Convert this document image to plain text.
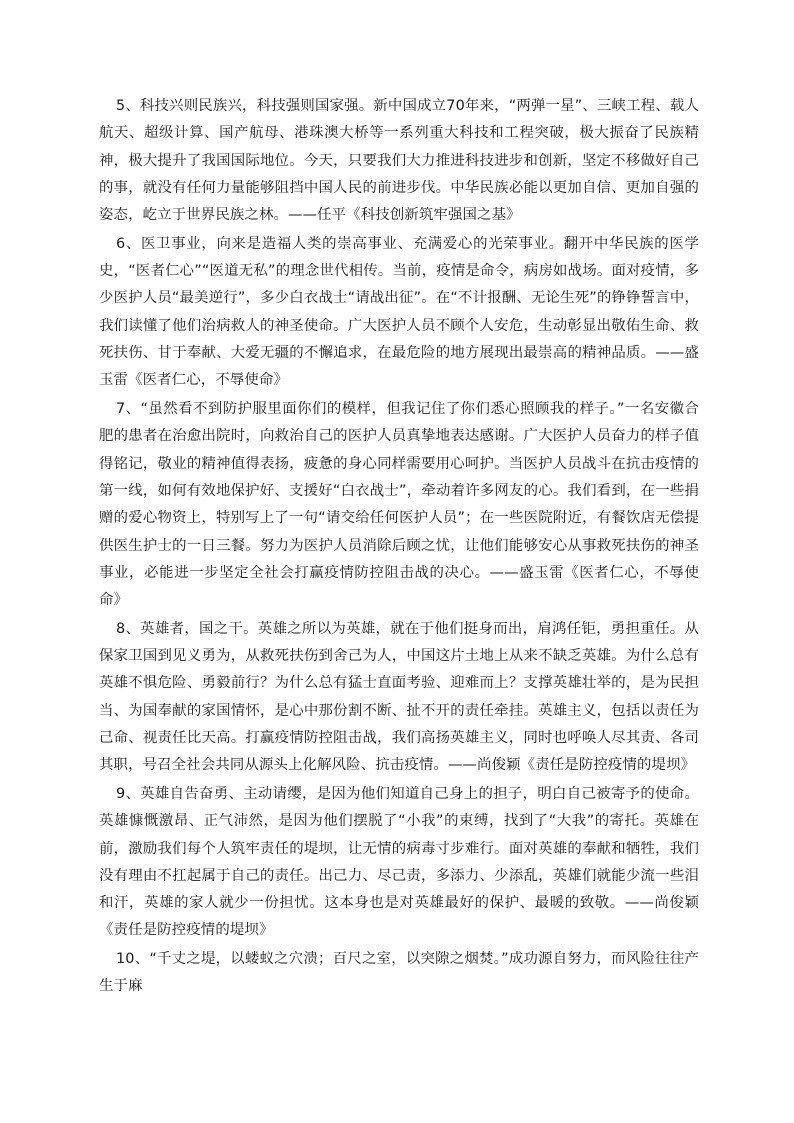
5、科技兴则民族兴，科技强则国家强。新中国成立70年来，“两弹一星”、三峡工程、载人航天、超级计算、国产航母、港珠澳大桥等一系列重大科技和工程突破，极大振奋了民族精神，极大提升了我国国际地位。今天，只要我们大力推进科技进步和创新，坚定不移做好自己的事，就没有任何力量能够阻挡中国人民的前进步伐。中华民族必能以更加自信、更加自强的姿态，屹立于世界民族之林。——任平《科技创新筑牢强国之基》

6、医卫事业，向来是造福人类的崇高事业、充满爱心的光荣事业。翻开中华民族的医学史，“医者仁心”“医道无私”的理念世代相传。当前，疫情是命令，病房如战场。面对疫情，多少医护人员“最美逆行”，多少白衣战士“请战出征”。在“不计报酬、无论生死”的铮铮誓言中，我们读懂了他们治病救人的神圣使命。广大医护人员不顾个人安危，生动彰显出敬佑生命、救死扶伤、甘于奉献、大爱无疆的不懈追求，在最危险的地方展现出最崇高的精神品质。——盛玉雷《医者仁心，不辱使命》

7、“虽然看不到防护服里面你们的模样，但我记住了你们悉心照顾我的样子。”一名安徽合肥的患者在治愈出院时，向救治自己的医护人员真挚地表达感谢。广大医护人员奋力的样子值得铭记，敬业的精神值得表扬，疲惫的身心同样需要用心呵护。当医护人员战斗在抗击疫情的第一线，如何有效地保护好、支援好“白衣战士”，牵动着许多网友的心。我们看到，在一些捐赠的爱心物资上，特别写上了一句“请交给任何医护人员”；在一些医院附近，有餐饮店无偿提供医生护士的一日三餐。努力为医护人员消除后顾之忧，让他们能够安心从事救死扶伤的神圣事业，必能进一步坚定全社会打赢疫情防控阻击战的决心。——盛玉雷《医者仁心，不辱使命》

8、英雄者，国之干。英雄之所以为英雄，就在于他们挺身而出，肩鸿任钜，勇担重任。从保家卫国到见义勇为，从救死扶伤到舍己为人，中国这片土地上从来不缺乏英雄。为什么总有英雄不惧危险、勇毅前行？为什么总有猛士直面考验、迎难而上？支撑英雄壮举的，是为民担当、为国奉献的家国情怀，是心中那份割不断、扯不开的责任牵挂。英雄主义，包括以责任为己命、视责任比天高。打赢疫情防控阻击战，我们高扬英雄主义，同时也呼唤人尽其责、各司其职，号召全社会共同从源头上化解风险、抗击疫情。——尚俊颖《责任是防控疫情的堤坝》

9、英雄自告奋勇、主动请缨，是因为他们知道自己身上的担子，明白自己被寄予的使命。英雄慷慨激昂、正气沛然，是因为他们摆脱了“小我”的束缚，找到了“大我”的寄托。英雄在前，激励我们每个人筑牢责任的堤坝，让无情的病毒寸步难行。面对英雄的奉献和牺牲，我们没有理由不扛起属于自己的责任。出己力、尽己责，多添力、少添乱，英雄们就能少流一些泪和汗，英雄的家人就少一份担忧。这本身也是对英雄最好的保护、最暖的致敬。——尚俊颖《责任是防控疫情的堤坝》

10、“千丈之堤，以蝼蚁之穴溃；百尺之室，以突隙之烟焚。”成功源自努力，而风险往往产生于麻
